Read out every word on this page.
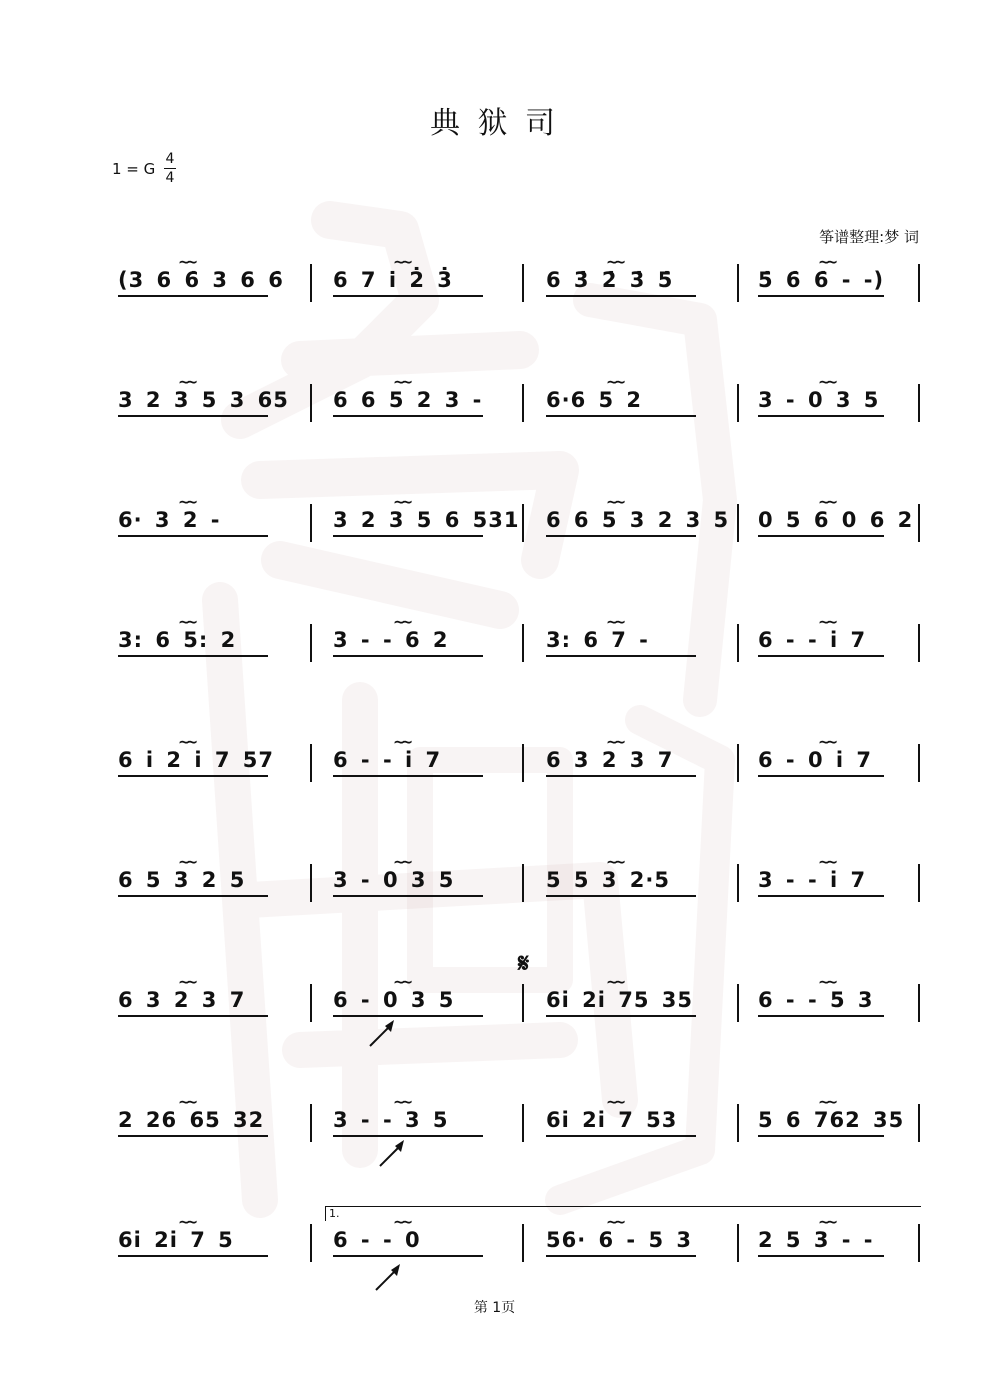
典 狱 司
1 = G
4
4
筝谱整理:梦 词
(3 6 6̇ 3 6 6̇
~~
6 7 i̇ 2̇ 3̇
~~
6 3̇ 2̇ 3̇ 5̇
~~
5̇ 6̇ 6̇ - -)
~~
3 2 3 5 3 65
~~
6 6 5 2 3 -
~~
6·6 5 2
~~
3 - 0 3 5
~~
6· 3 2 -
~~
3 2 3 5 6 531
~~
6 6 5 3 2 3 5
~~
0 5 6 0 6 2
~~
3: 6 5: 2
~~
3 - - 6 2
~~
3: 6 7 -
~~
6 - - i 7
~~
6 i 2 i 7 57
~~
6 - - i 7
~~
6 3 2 3 7
~~
6 - 0 i 7
~~
6 5 3 2 5
~~
3 - 0 3 5
~~
5 5 3 2·5
~~
3 - - i 7
~~
6 3 2 3 7
~~
6 - 0 3 5
~~
6i 2i 75 35
~~
6 - - 5 3
~~
2 26 65 32
~~
3 - - 3 5
~~
6i 2i 7 53
~~
5 6 762 35
~~
6i 2i 7 5
~~
6 - - 0
~~
56· 6 - 5 3
~~
2 5 3 - -
~~
1.
𝄋
第 1页
